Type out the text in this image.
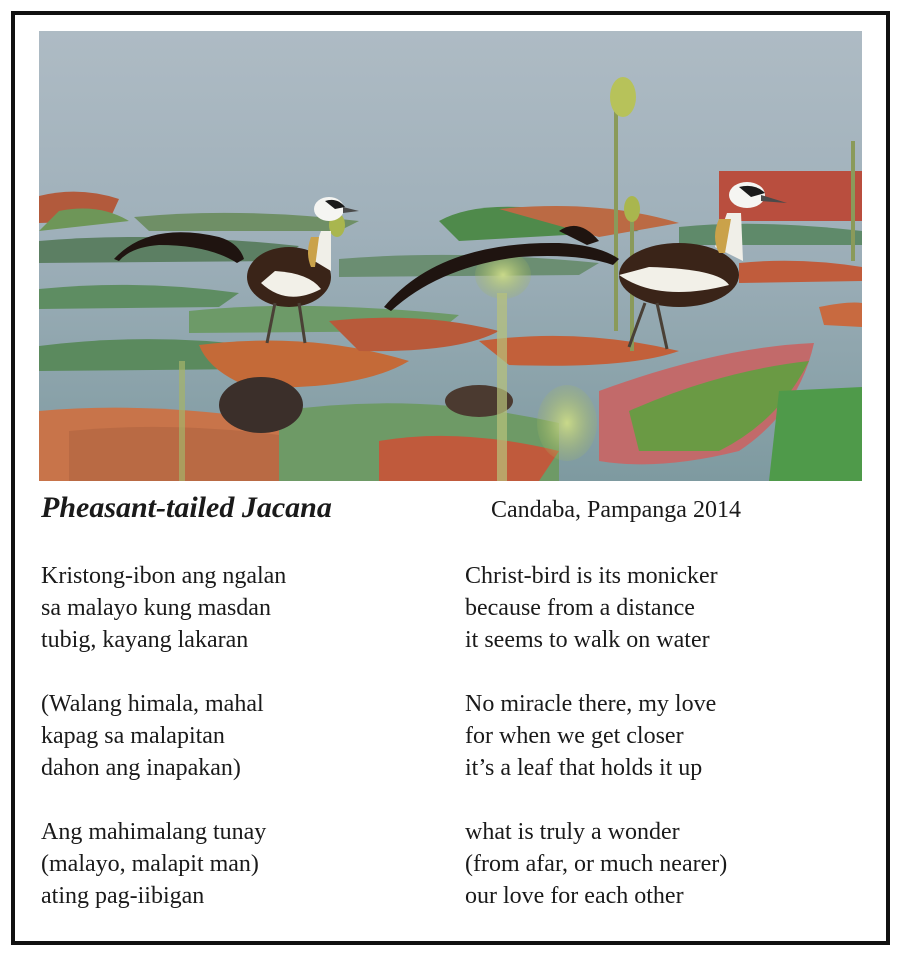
Pheasant-tailed Jacana	Candaba, Pampanga 2014

Kristong-ibon ang ngalan
sa malayo kung masdan
tubig, kayang lakaran

(Walang himala, mahal
kapag sa malapitan
dahon ang inapakan)

Ang mahimalang tunay
(malayo, malapit man)
ating pag-iibigan

Christ-bird is its monicker
because from a distance
it seems to walk on water

No miracle there, my love
for when we get closer
it’s a leaf that holds it up

what is truly a wonder
(from afar, or much nearer)
our love for each other
